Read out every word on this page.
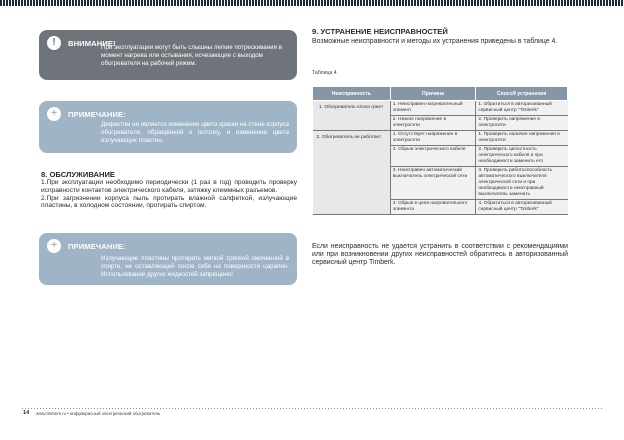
!	ВНИМАНИЕ!
При эксплуатации могут быть слышны легкие потрескивания в момент нагрева или остывания, исчезающие с выходом обогревателя на рабочий режим.
+	ПРИМЕЧАНИЕ:
Дефектом не является изменение цвета краски на стене корпуса обогревателя, обращённой к потолку, и изменение цвета излучающих пластин.
8. ОБСЛУЖИВАНИЕ

1.При эксплуатации необходимо периодически (1 раз в год) проводить проверку исправности контактов электрического кабеля, затяжку клеммных разъемов.

2.При загрязнении корпуса пыль протирать влажной салфеткой, излучающие пластины, в холодном состоянии, протирать спиртом.

+	ПРИМЕЧАНИЕ:
Излучающие пластины протирать мягкой тряпкой смоченной в спирте, не оставляющей после себя на поверхности царапин. Использование других жидкостей запрещено!
9. УСТРАНЕНИЕ НЕИСПРАВНОСТЕЙ
Возможные неисправности и методы их устранения приведены в таблице 4.
Таблица 4
Неисправность	Причина	Способ устранения
1. Обогреватель плохо греет	1. Неисправен нагревательный элемент	1. Обратиться в авторизованный сервисный центр "Timberk"
	2. Низкое напряжение в электросети	2. Проверить напряжение в электросети
2. Обогреватель не работает	1. Отсутствует напряжение в электросети	1. Проверить наличие напряжения в электросети
	2. Обрыв электрического кабеля	2. Проверить целостность электрического кабеля и при необходимости заменить его
	3. Неисправен автоматический выключатель электрической сети	3. Проверить работоспособность автоматического выключателя электрической сети и при необходимости неисправный выключатель заменить
	4. Обрыв в цепи нагревательного элемента	4. Обратиться в авторизованный сервисный центр "Timberk"
Если неисправность не удается устранить в соответствии с рекомендациями или при возникновении других неисправностей обратитесь в авторизованный сервисный центр Timberk.
14 www.timberk.ru • инфракрасный электрический обогреватель
